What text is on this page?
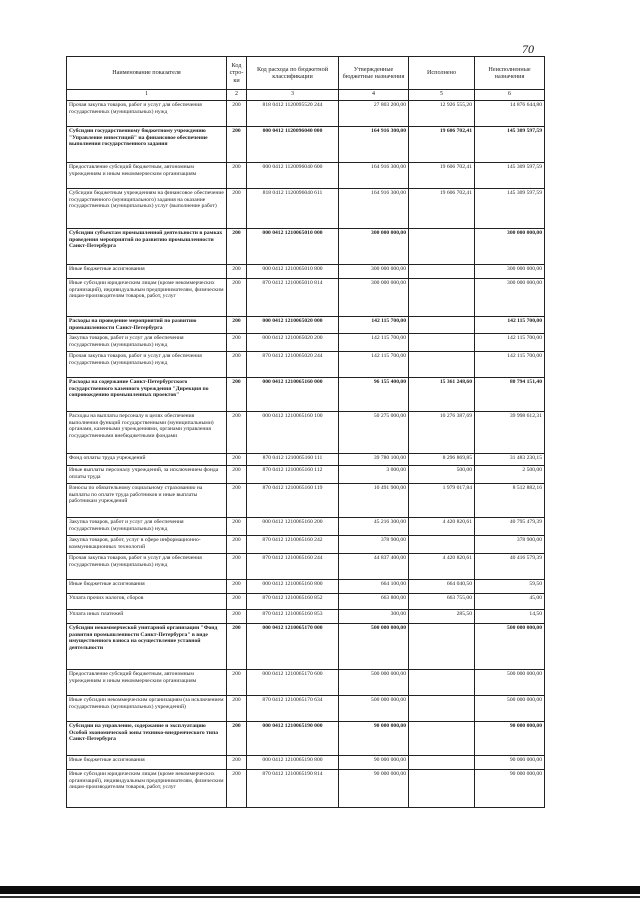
70
Наименование показателя	Код стро-ки	Код расхода по бюджетной классификации	Утвержденные бюджетные назначения	Исполнено	Неисполненные назначения
1	2	3	4	5	6
Прочая закупка товаров, работ и услуг для обеспечения государственных (муниципальных) нужд	200	818 0412 1120095520 244	27 803 200,00	12 926 555,20	14 876 644,80
Субсидии государственному бюджетному учреждению "Управление инвестиций" на финансовое обеспечение выполнения государственного задания	200	000 0412 1120096040 000	164 916 300,00	19 606 702,41	145 309 597,59
Предоставление субсидий бюджетным, автономным учреждениям и иным некоммерческим организациям	200	000 0412 1120096040 600	164 916 300,00	19 606 702,41	145 309 597,59
Субсидии бюджетным учреждениям на финансовое обеспечение государственного (муниципального) задания на оказание государственных (муниципальных) услуг (выполнение работ)	200	818 0412 1120096040 611	164 916 300,00	19 606 702,41	145 309 597,59
Субсидии субъектам промышленной деятельности в рамках проведения мероприятий по развитию промышленности Санкт-Петербурга	200	000 0412 1210065010 000	300 000 000,00		300 000 000,00
Иные бюджетные ассигнования	200	000 0412 1210065010 800	300 000 000,00		300 000 000,00
Иные субсидии юридическим лицам (кроме некоммерческих организаций), индивидуальным предпринимателям, физическим лицам-производителям товаров, работ, услуг	200	870 0412 1210065010 814	300 000 000,00		300 000 000,00
Расходы на проведение мероприятий по развитию промышленности Санкт-Петербурга	200	000 0412 1210065020 000	142 115 700,00		142 115 700,00
Закупка товаров, работ и услуг для обеспечения государственных (муниципальных) нужд	200	000 0412 1210065020 200	142 115 700,00		142 115 700,00
Прочая закупка товаров, работ и услуг для обеспечения государственных (муниципальных) нужд	200	870 0412 1210065020 244	142 115 700,00		142 115 700,00
Расходы на содержание Санкт-Петербургского государственного казенного учреждения "Дирекция по сопровождению промышленных проектов"	200	000 0412 1210065160 000	96 155 400,00	15 361 248,60	80 794 151,40
Расходы на выплаты персоналу в целях обеспечения выполнения функций государственными (муниципальными) органами, казенными учреждениями, органами управления государственными внебюджетными фондами	200	000 0412 1210065160 100	50 275 000,00	10 276 387,69	39 998 612,31
Фонд оплаты труда учреждений	200	870 0412 1210065160 111	39 780 100,00	8 296 869,85	31 483 230,15
Иные выплаты персоналу учреждений, за исключением фонда оплаты труда	200	870 0412 1210065160 112	3 000,00	500,00	2 500,00
Взносы по обязательному социальному страхованию на выплаты по оплате труда работников и иные выплаты работникам учреждений	200	870 0412 1210065160 119	10 491 900,00	1 979 017,84	8 512 882,16
Закупка товаров, работ и услуг для обеспечения государственных (муниципальных) нужд	200	000 0412 1210065160 200	45 216 300,00	4 420 820,61	40 795 479,39
Закупка товаров, работ, услуг в сфере информационно-коммуникационных технологий	200	870 0412 1210065160 242	378 900,00		378 900,00
Прочая закупка товаров, работ и услуг для обеспечения государственных (муниципальных) нужд	200	870 0412 1210065160 244	44 837 400,00	4 420 820,61	40 416 579,39
Иные бюджетные ассигнования	200	000 0412 1210065160 800	664 100,00	664 040,50	59,50
Уплата прочих налогов, сборов	200	870 0412 1210065160 852	663 800,00	663 755,00	45,00
Уплата иных платежей	200	870 0412 1210065160 853	300,00	285,50	14,50
Субсидии некоммерческой унитарной организации "Фонд развития промышленности Санкт-Петербурга" в виде имущественного взноса на осуществление уставной деятельности	200	000 0412 1210065170 000	500 000 000,00		500 000 000,00
Предоставление субсидий бюджетным, автономным учреждениям и иным некоммерческим организациям	200	000 0412 1210065170 600	500 000 000,00		500 000 000,00
Иные субсидии некоммерческим организациям (за исключением государственных (муниципальных) учреждений)	200	870 0412 1210065170 634	500 000 000,00		500 000 000,00
Субсидии на управление, содержание и эксплуатацию Особой экономической зоны технико-внедренческого типа Санкт-Петербурга	200	000 0412 1210065190 000	90 000 000,00		90 000 000,00
Иные бюджетные ассигнования	200	000 0412 1210065190 800	90 000 000,00		90 000 000,00
Иные субсидии юридическим лицам (кроме некоммерческих организаций), индивидуальным предпринимателям, физическим лицам-производителям товаров, работ, услуг	200	870 0412 1210065190 814	90 000 000,00		90 000 000,00
